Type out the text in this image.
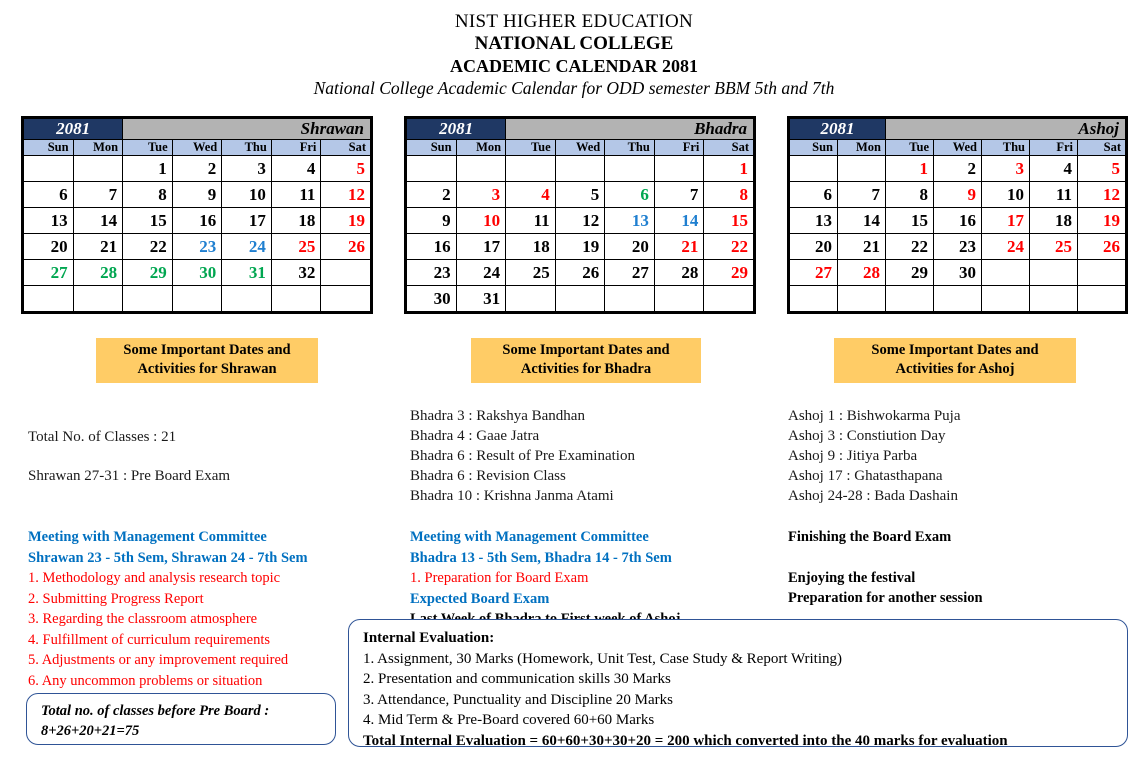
NIST HIGHER EDUCATION
NATIONAL COLLEGE
ACADEMIC CALENDAR 2081
National College Academic Calendar for ODD semester BBM 5th and 7th
2081		Shrawan				
Sun	Mon	Tue	Wed	Thu	Fri	Sat
		1	2	3	4	5
6	7	8	9	10	11	12
13	14	15	16	17	18	19
20	21	22	23	24	25	26
27	28	29	30	31	32	

2081		Bhadra				
Sun	Mon	Tue	Wed	Thu	Fri	Sat
						1
2	3	4	5	6	7	8
9	10	11	12	13	14	15
16	17	18	19	20	21	22
23	24	25	26	27	28	29
30	31					
2081		Ashoj				
Sun	Mon	Tue	Wed	Thu	Fri	Sat
		1	2	3	4	5
6	7	8	9	10	11	12
13	14	15	16	17	18	19
20	21	22	23	24	25	26
27	28	29	30			

Some Important Dates and
Activities for Shrawan
Some Important Dates and
Activities for Bhadra
Some Important Dates and
Activities for Ashoj
Total No. of Classes : 21
Shrawan 27-31 : Pre Board Exam
Bhadra 3 : Rakshya Bandhan
Bhadra 4 : Gaae Jatra
Bhadra 6 : Result of Pre Examination
Bhadra 6 : Revision Class
Bhadra 10 : Krishna Janma Atami
Ashoj 1 : Bishwokarma Puja
Ashoj 3 : Constiution Day
Ashoj 9 : Jitiya Parba
Ashoj 17 : Ghatasthapana
Ashoj 24-28 : Bada Dashain
Meeting with Management Committee
Shrawan 23 - 5th Sem, Shrawan 24 - 7th Sem
1. Methodology and analysis research topic
2. Submitting Progress Report
3. Regarding the classroom atmosphere
4. Fulfillment of curriculum requirements
5. Adjustments or any improvement required
6. Any uncommon problems or situation
Meeting with Management Committee
Bhadra 13 - 5th Sem, Bhadra 14 - 7th Sem
1. Preparation for Board Exam
Expected Board Exam
Finishing the Board Exam
Enjoying the festival
Preparation for another session
Total no. of classes before Pre Board :
8+26+20+21=75
Internal Evaluation:
1. Assignment, 30 Marks (Homework, Unit Test, Case Study & Report Writing)
2. Presentation and communication skills 30 Marks
3. Attendance, Punctuality and Discipline 20 Marks
4. Mid Term & Pre-Board covered 60+60 Marks
Total Internal Evaluation = 60+60+30+30+20 = 200 which converted into the 40 marks for evaluation
